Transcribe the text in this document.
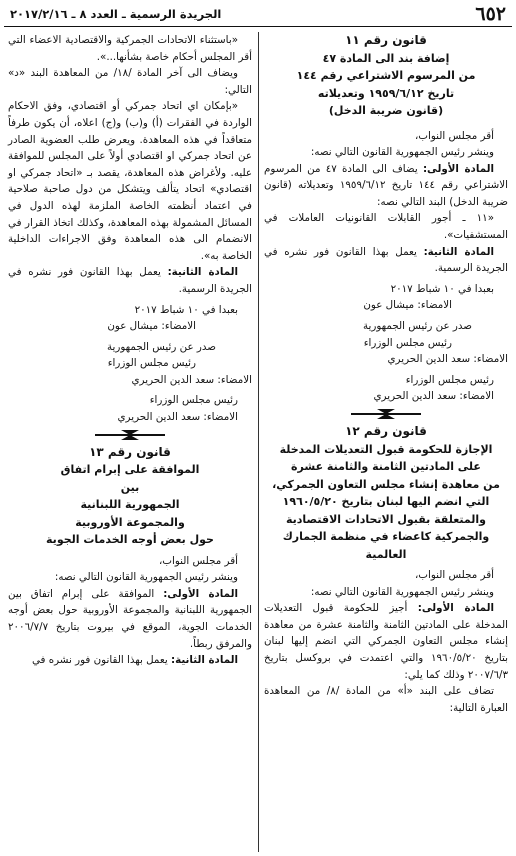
٦٥٢
الجريدة الرسمية ـ العدد ٨ ـ ٢٠١٧/٢/١٦
قانون رقم ١١
إضافة بند الى المادة ٤٧
من المرسوم الاشتراعي رقم ١٤٤
تاريخ ١٩٥٩/٦/١٢ وتعديلاته
(قانون ضريبة الدخل)

أقر مجلس النواب،

وينشر رئيس الجمهورية القانون التالي نصه:

المادة الأولى: يضاف الى المادة ٤٧ من المرسوم الاشتراعي رقم ١٤٤ تاريخ ١٩٥٩/٦/١٢ وتعديلاته (قانون ضريبة الدخل) البند التالي نصه:

«١١ ـ أجور القابلات القانونيات العاملات في المستشفيات».

المادة الثانية: يعمل بهذا القانون فور نشره في الجريدة الرسمية.

بعبدا في ١٠ شباط ٢٠١٧

الامضاء: ميشال عون

صدر عن رئيس الجمهورية

رئيس مجلس الوزراء

الامضاء: سعد الدين الحريري

رئيس مجلس الوزراء

الامضاء: سعد الدين الحريري

قانون رقم ١٢
الإجازة للحكومة قبول التعديلات المدخلة
على المادتين الثامنة والثامنة عشرة
من معاهدة إنشاء مجلس التعاون الجمركي،
التي انضم اليها لبنان بتاريخ ١٩٦٠/٥/٢٠
والمتعلقة بقبول الاتحادات الاقتصادية
والجمركية كاعضاء في منظمة الجمارك العالمية

أقر مجلس النواب،

وينشر رئيس الجمهورية القانون التالي نصه:

المادة الأولى: أجيز للحكومة قبول التعديلات المدخلة على المادتين الثامنة والثامنة عشرة من معاهدة إنشاء مجلس التعاون الجمركي التي انضم إليها لبنان بتاريخ ١٩٦٠/٥/٢٠ والتي اعتمدت في بروكسل بتاريخ ٢٠٠٧/٦/٣ وذلك كما يلي:

تضاف على البند «أ» من المادة /٨/ من المعاهدة العبارة التالية:

«باستثناء الاتحادات الجمركية والاقتصادية الاعضاء التي أقر المجلس أحكام خاصة بشأنها...».

ويضاف الى آخر المادة /١٨/ من المعاهدة البند «د» التالي:

«بإمكان اي اتحاد جمركي أو اقتصادي، وفق الاحكام الواردة في الفقرات (أ) و(ب) و(ج) اعلاه، أن يكون طرفاً متعاقداً في هذه المعاهدة. ويعرض طلب العضوية الصادر عن اتحاد جمركي او اقتصادي أولاً على المجلس للموافقة عليه. ولأغراض هذه المعاهدة، يقصد بـ «اتحاد جمركي او اقتصادي» اتحاد يتألف ويتشكل من دول صاحبة صلاحية في اعتماد أنظمته الخاصة الملزمة لهذه الدول في المسائل المشمولة بهذه المعاهدة، وكذلك اتخاذ القرار في الانضمام الى هذه المعاهدة وفق الاجراءات الداخلية الخاصة به».

المادة الثانية: يعمل بهذا القانون فور نشره في الجريدة الرسمية.

بعبدا في ١٠ شباط ٢٠١٧

الامضاء: ميشال عون

صدر عن رئيس الجمهورية

رئيس مجلس الوزراء

الامضاء: سعد الدين الحريري

رئيس مجلس الوزراء

الامضاء: سعد الدين الحريري

قانون رقم ١٣
الموافقة على إبرام اتفاق
بين
الجمهورية اللبنانية
والمجموعة الأوروبية
حول بعض أوجه الخدمات الجوية

أقر مجلس النواب،

وينشر رئيس الجمهورية القانون التالي نصه:

المادة الأولى: الموافقة على إبرام اتفاق بين الجمهورية اللبنانية والمجموعة الأوروبية حول بعض أوجه الخدمات الجوية، الموقع في بيروت بتاريخ ٢٠٠٦/٧/٧ والمرفق ربطاً.

المادة الثانية: يعمل بهذا القانون فور نشره في
